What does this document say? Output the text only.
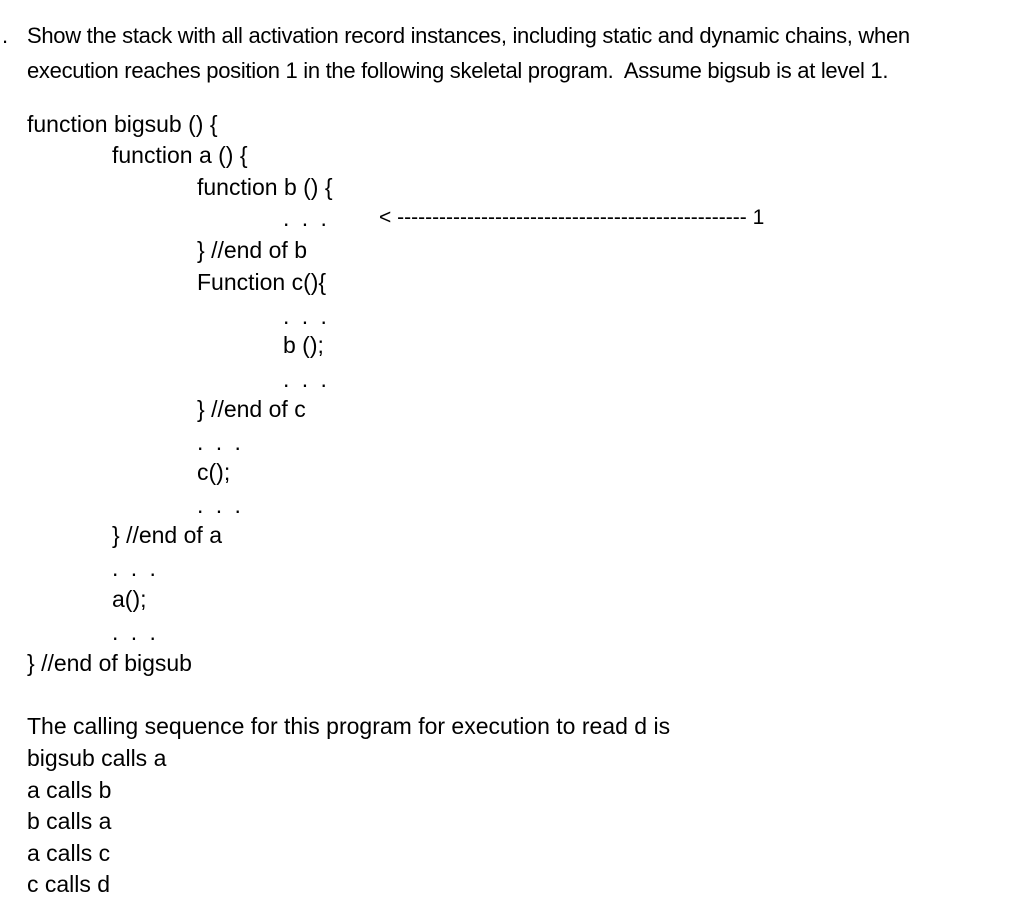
. Show the stack with all activation record instances, including static and dynamic chains, when
execution reaches position 1 in the following skeletal program.  Assume bigsub is at level 1.
function bigsub () {
function a () {
function b () {
. . . < -------------------------------------------------- 1
} //end of b
Function c(){
. . .
b ();
. . .
} //end of c
. . .
c();
. . .
} //end of a
. . .
a();
. . .
} //end of bigsub
The calling sequence for this program for execution to read d is
bigsub calls a
a calls b
b calls a
a calls c
c calls d
